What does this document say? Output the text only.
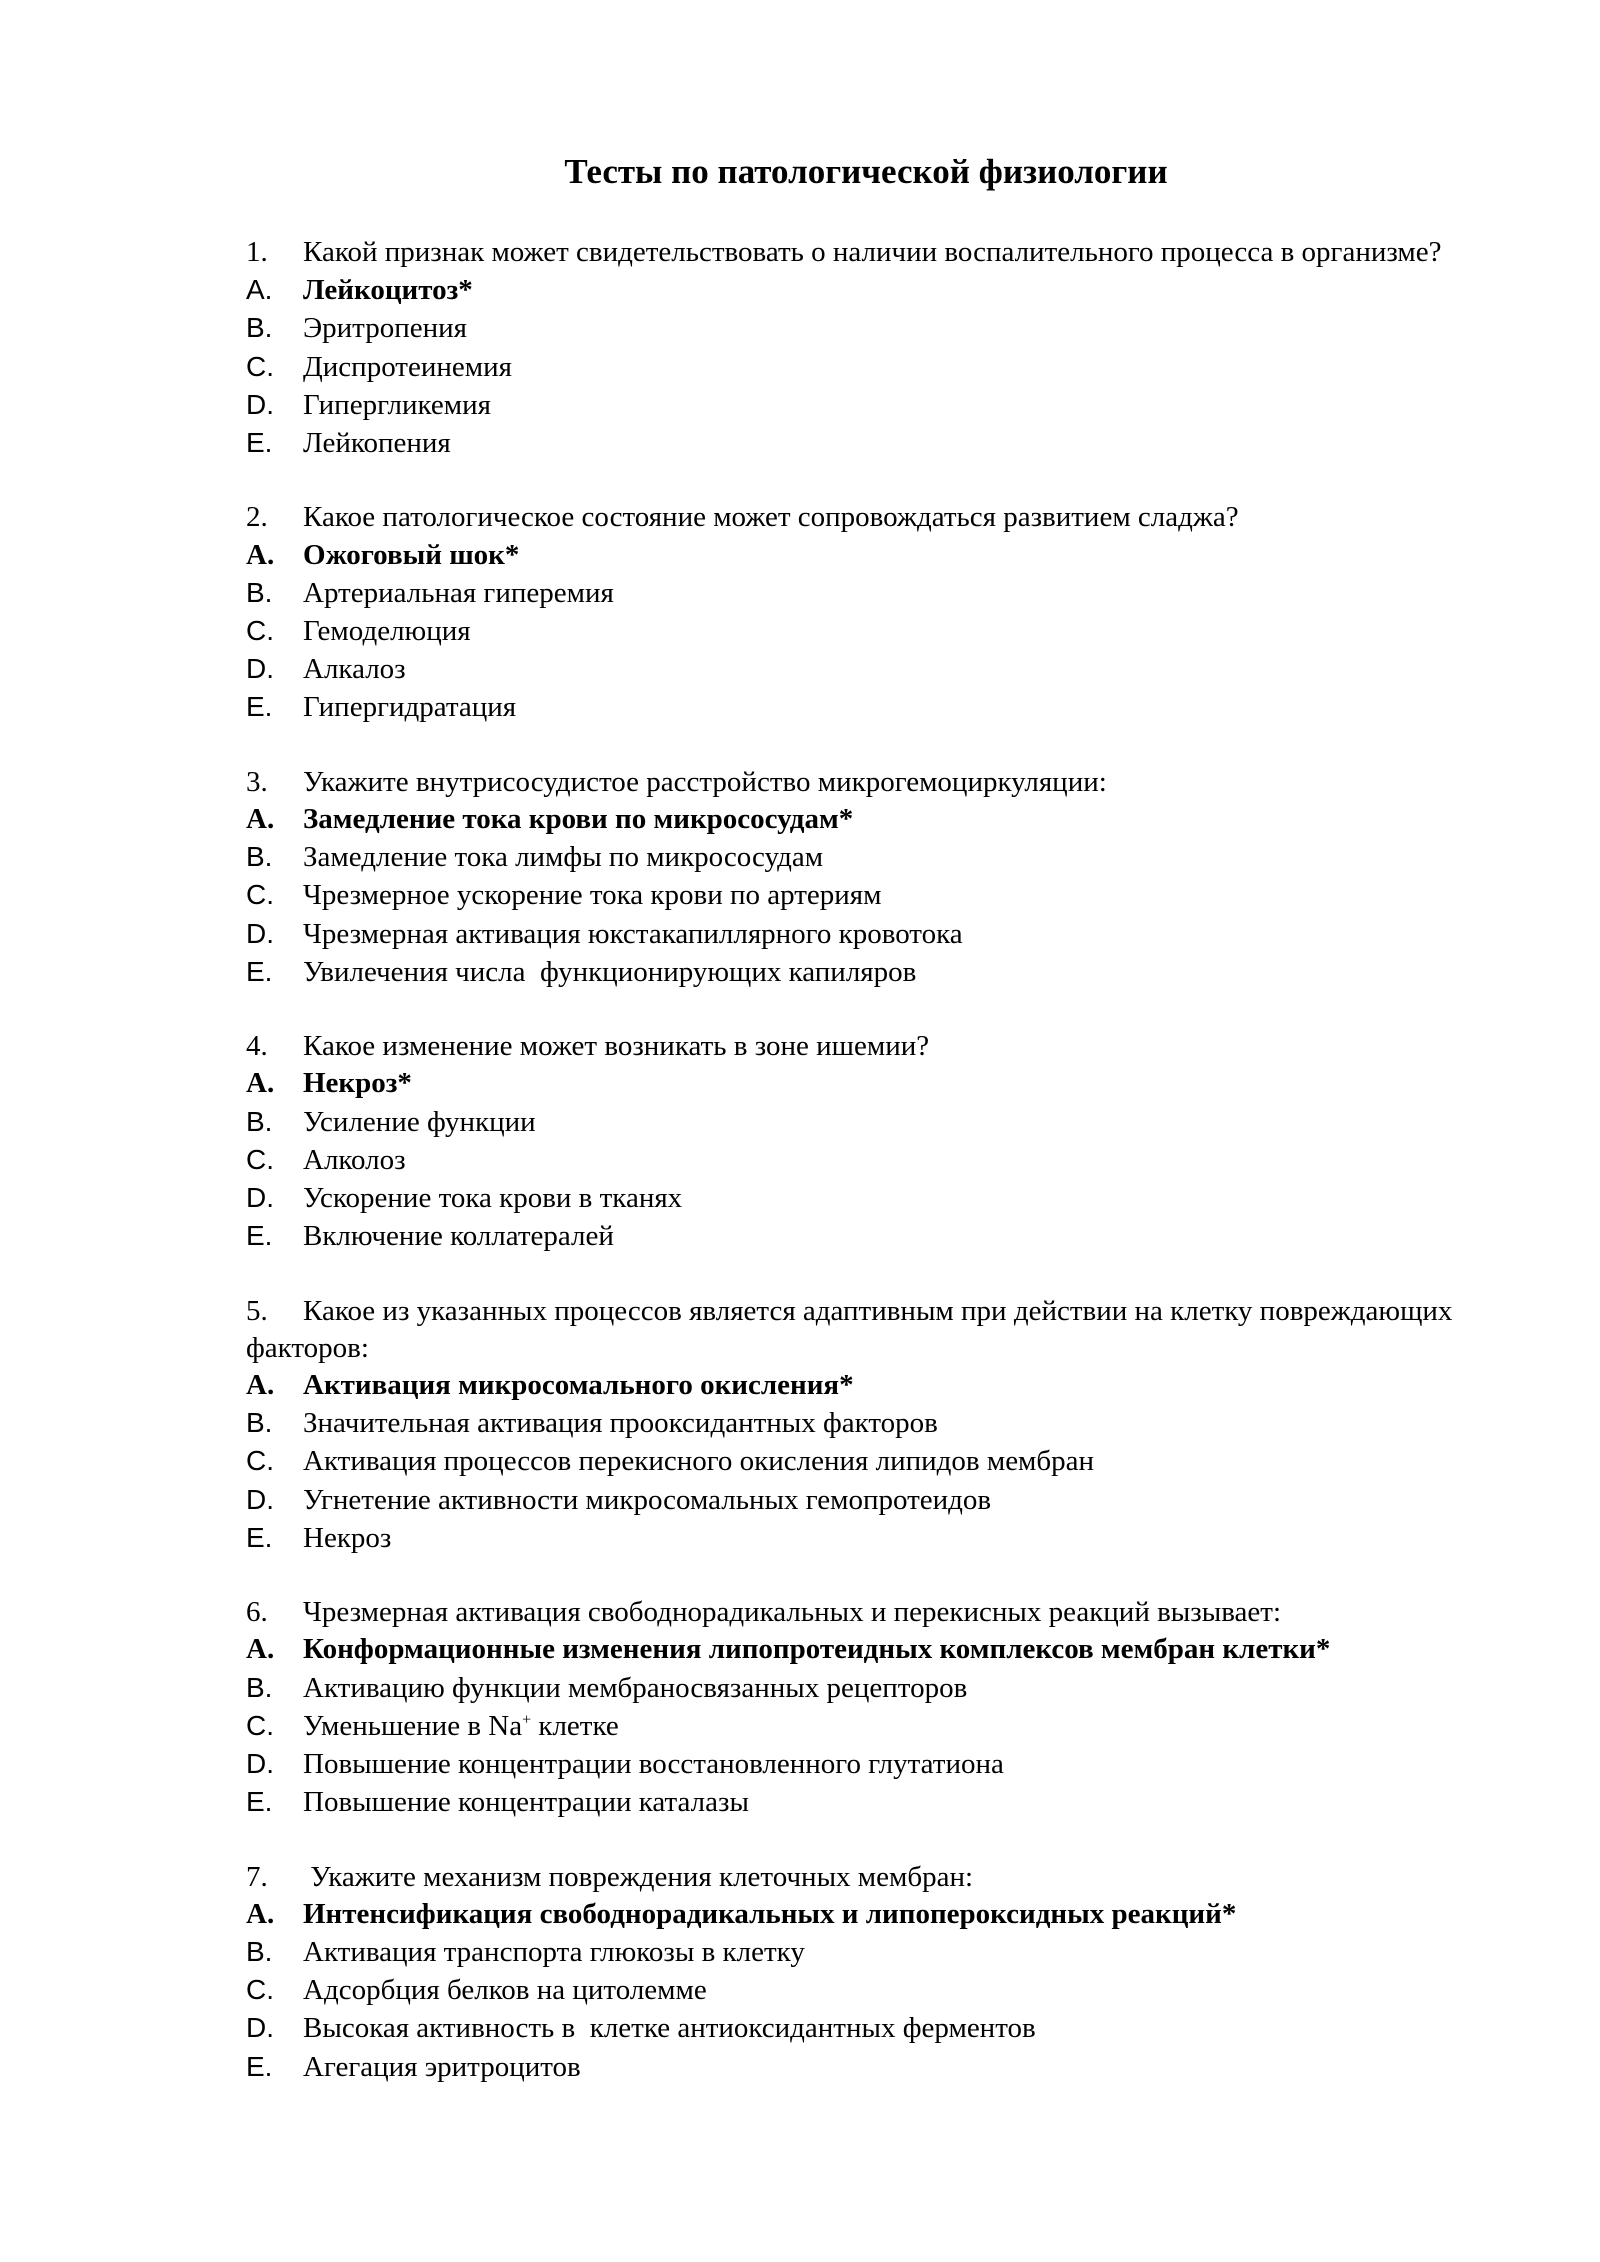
Тесты по патологической физиологии
1. Какой признак может свидетельствовать о наличии воспалительного процесса в организме?
A. Лейкоцитоз*
B. Эритропения
C. Диспротеинемия
D. Гипергликемия
E. Лейкопения
2. Какое патологическое состояние может сопровождаться развитием сладжа?
A. Ожоговый шок*
B. Артериальная гиперемия
C. Гемоделюция
D. Алкалоз
E. Гипергидратация
3. Укажите внутрисосудистое расстройство микрогемоциркуляции:
A. Замедление тока крови по микрососудам*
B. Замедление тока лимфы по микрососудам
C. Чрезмерное ускорение тока крови по артериям
D. Чрезмерная активация юкстакапиллярного кровотока
E. Увилечения числа  функционирующих капиляров
4. Какое изменение может возникать в зоне ишемии?
A. Некроз*
B. Усиление функции
C. Алколоз
D. Ускорение тока крови в тканях
E. Включение коллатералей
5. Какое из указанных процессов является адаптивным при действии на клетку повреждающих факторов:
A. Активация микросомального окисления*
B. Значительная активация прооксидантных факторов
C. Активация процессов перекисного окисления липидов мембран
D. Угнетение активности микросомальных гемопротеидов
E. Некроз
6. Чрезмерная активация свободнорадикальных и перекисных реакций вызывает:
A. Конформационные изменения липопротеидных комплексов мембран клетки*
B. Активацию функции мембраносвязанных рецепторов
C. Уменьшение в Na+ клетке
D. Повышение концентрации восстановленного глутатиона
E. Повышение концентрации каталазы
7. Укажите механизм повреждения клеточных мембран:
A. Интенсификация свободнорадикальных и липопероксидных реакций*
B. Активация транспорта глюкозы в клетку
C. Адсорбция белков на цитолемме
D. Высокая активность в  клетке антиоксидантных ферментов
E. Агегация эритроцитов
